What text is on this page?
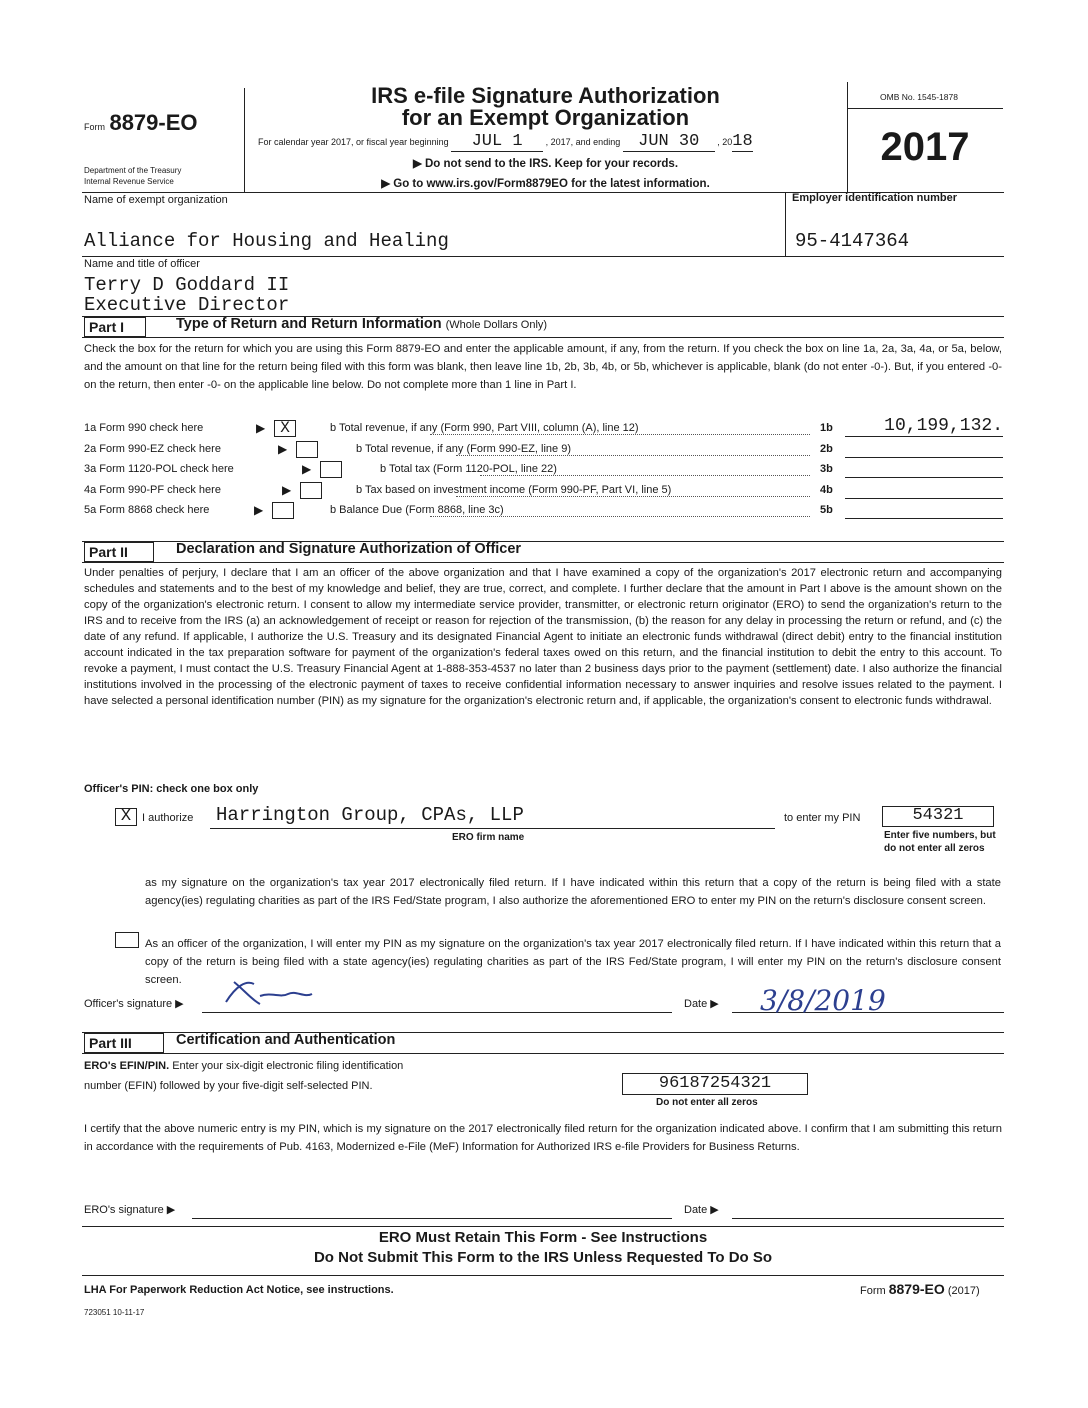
Form 8879-EO
Department of the Treasury
Internal Revenue Service
IRS e-file Signature Authorization
for an Exempt Organization
For calendar year 2017, or fiscal year beginning JUL 1	, 2017, and ending JUN 30 , 2018
▶ Do not send to the IRS. Keep for your records.
▶ Go to www.irs.gov/Form8879EO for the latest information.
OMB No. 1545-1878
2017
Name of exempt organization
Alliance for Housing and Healing
Employer identification number
95-4147364
Name and title of officer
Terry D Goddard II
Executive Director
Part I	Type of Return and Return Information (Whole Dollars Only)
Check the box for the return for which you are using this Form 8879-EO and enter the applicable amount, if any, from the return. If you check the box on line 1a, 2a, 3a, 4a, or 5a, below, and the amount on that line for the return being filed with this form was blank, then leave line 1b, 2b, 3b, 4b, or 5b, whichever is applicable, blank (do not enter -0-). But, if you entered -0- on the return, then enter -0- on the applicable line below. Do not complete more than 1 line in Part I.
1a Form 990 check here	▶ X	b Total revenue, if any (Form 990, Part VIII, column (A), line 12)	1b	10,199,132.
2a Form 990-EZ check here	▶	b Total revenue, if any (Form 990-EZ, line 9)	2b
3a Form 1120-POL check here	▶	b Total tax (Form 1120-POL, line 22)	3b
4a Form 990-PF check here	▶	b Tax based on investment income (Form 990-PF, Part VI, line 5)	4b
5a Form 8868 check here	▶	b Balance Due (Form 8868, line 3c)	5b
Part II	Declaration and Signature Authorization of Officer
Under penalties of perjury, I declare that I am an officer of the above organization and that I have examined a copy of the organization's 2017 electronic return and accompanying schedules and statements and to the best of my knowledge and belief, they are true, correct, and complete. I further declare that the amount in Part I above is the amount shown on the copy of the organization's electronic return. I consent to allow my intermediate service provider, transmitter, or electronic return originator (ERO) to send the organization's return to the IRS and to receive from the IRS (a) an acknowledgement of receipt or reason for rejection of the transmission, (b) the reason for any delay in processing the return or refund, and (c) the date of any refund. If applicable, I authorize the U.S. Treasury and its designated Financial Agent to initiate an electronic funds withdrawal (direct debit) entry to the financial institution account indicated in the tax preparation software for payment of the organization's federal taxes owed on this return, and the financial institution to debit the entry to this account. To revoke a payment, I must contact the U.S. Treasury Financial Agent at 1-888-353-4537 no later than 2 business days prior to the payment (settlement) date. I also authorize the financial institutions involved in the processing of the electronic payment of taxes to receive confidential information necessary to answer inquiries and resolve issues related to the payment. I have selected a personal identification number (PIN) as my signature for the organization's electronic return and, if applicable, the organization's consent to electronic funds withdrawal.
Officer's PIN: check one box only
X I authorize	Harrington Group, CPAs, LLP
ERO firm name
to enter my PIN	54321
Enter five numbers, but
do not enter all zeros
as my signature on the organization's tax year 2017 electronically filed return. If I have indicated within this return that a copy of the return is being filed with a state agency(ies) regulating charities as part of the IRS Fed/State program, I also authorize the aforementioned ERO to enter my PIN on the return's disclosure consent screen.
As an officer of the organization, I will enter my PIN as my signature on the organization's tax year 2017 electronically filed return. If I have indicated within this return that a copy of the return is being filed with a state agency(ies) regulating charities as part of the IRS Fed/State program, I will enter my PIN on the return's disclosure consent screen.
Officer's signature ▶	Date ▶	3/8/2019
Part III	Certification and Authentication
ERO's EFIN/PIN. Enter your six-digit electronic filing identification
number (EFIN) followed by your five-digit self-selected PIN.	96187254321
Do not enter all zeros
I certify that the above numeric entry is my PIN, which is my signature on the 2017 electronically filed return for the organization indicated above. I confirm that I am submitting this return in accordance with the requirements of Pub. 4163, Modernized e-File (MeF) Information for Authorized IRS e-file Providers for Business Returns.
ERO's signature ▶	Date ▶
ERO Must Retain This Form - See Instructions
Do Not Submit This Form to the IRS Unless Requested To Do So
LHA For Paperwork Reduction Act Notice, see instructions.	Form 8879-EO (2017)
723051 10-11-17
